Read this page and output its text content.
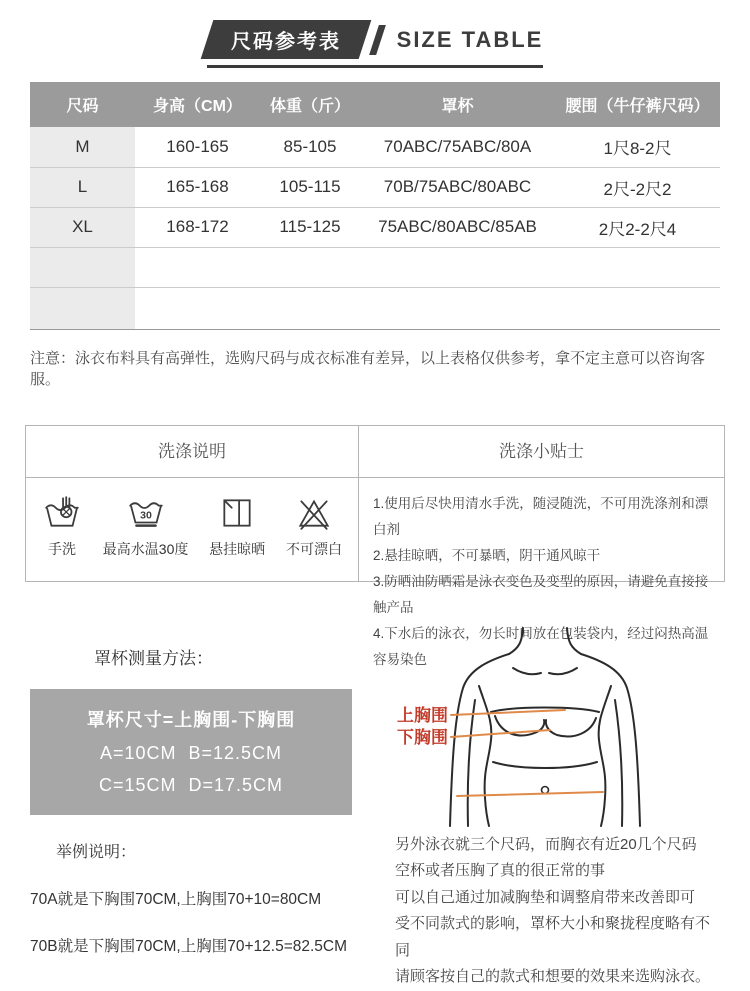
尺码参考表	SIZE TABLE
尺码	身高（CM）	体重（斤）	罩杯	腰围（牛仔裤尺码）
M	160-165	85-105	70ABC/75ABC/80A	1尺8-2尺
L	165-168	105-115	70B/75ABC/80ABC	2尺-2尺2
XL	168-172	115-125	75ABC/80ABC/85AB	2尺2-2尺4

注意：泳衣布料具有高弹性，选购尺码与成衣标准有差异，以上表格仅供参考，拿不定主意可以咨询客服。

洗涤说明
手洗
30
最高水温30度 悬挂晾晒 不可漂白
洗涤小贴士
1.使用后尽快用清水手洗，随浸随洗，不可用洗涤剂和漂白剂
2.悬挂晾晒，不可暴晒，阴干通风晾干
3.防晒油防晒霜是泳衣变色及变型的原因，请避免直接接触产品
4.下水后的泳衣，勿长时间放在包装袋内，经过闷热高温容易染色
罩杯测量方法：
罩杯尺寸=上胸围-下胸围
A=10CM  B=12.5CM
C=15CM  D=17.5CM
举例说明：
70A就是下胸围70CM,上胸围70+10=80CM
70B就是下胸围70CM,上胸围70+12.5=82.5CM
上胸围
下胸围
另外泳衣就三个尺码，而胸衣有近20几个尺码
空杯或者压胸了真的很正常的事
可以自己通过加减胸垫和调整肩带来改善即可
受不同款式的影响，罩杯大小和聚拢程度略有不同
请顾客按自己的款式和想要的效果来选购泳衣。
